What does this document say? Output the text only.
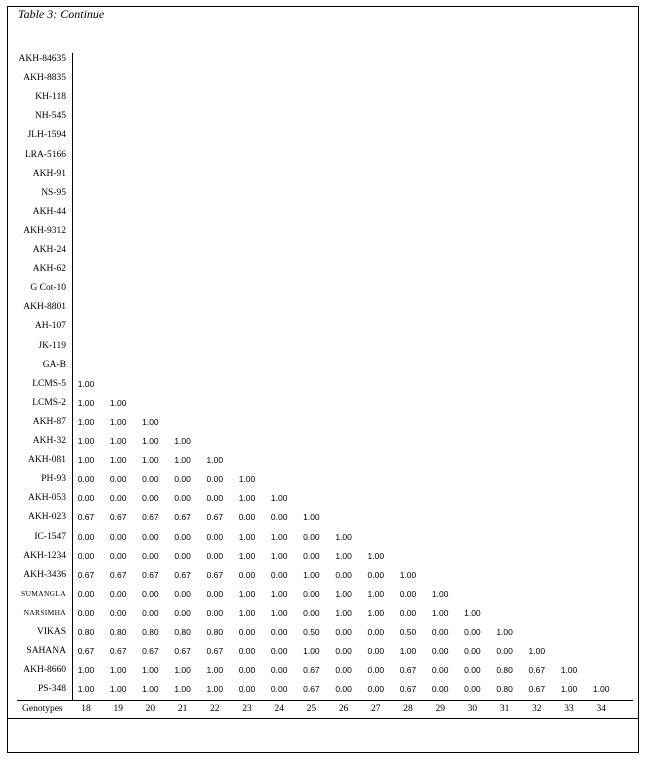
Table 3: Continue
Genotypes
AKH-84635
AKH-8835
KH-118
NH-545
JLH-1594
LRA-5166
AKH-91
NS-95
AKH-44
AKH-9312
AKH-24
AKH-62
G Cot-10
AKH-8801
AH-107
JK-119
GA-B
LCMS-5	1.00
LCMS-2	1.00	1.00
AKH-87	1.00	1.00	1.00
AKH-32	1.00	1.00	1.00	1.00
AKH-081	1.00	1.00	1.00	1.00	1.00
PH-93	0.00	0.00	0.00	0.00	0.00	1.00
AKH-053	0.00	0.00	0.00	0.00	0.00	1.00	1.00
AKH-023	0.67	0.67	0.67	0.67	0.67	0.00	0.00	1.00
IC-1547	0.00	0.00	0.00	0.00	0.00	1.00	1.00	0.00	1.00
AKH-1234	0.00	0.00	0.00	0.00	0.00	1.00	1.00	0.00	1.00	1.00
AKH-3436	0.67	0.67	0.67	0.67	0.67	0.00	0.00	1.00	0.00	0.00	1.00
SUMANGLA	0.00	0.00	0.00	0.00	0.00	1.00	1.00	0.00	1.00	1.00	0.00	1.00
NARSIMHA	0.00	0.00	0.00	0.00	0.00	1.00	1.00	0.00	1.00	1.00	0.00	1.00	1.00
VIKAS	0.80	0.80	0.80	0.80	0.80	0.00	0.00	0.50	0.00	0.00	0.50	0.00	0.00	1.00
SAHANA	0.67	0.67	0.67	0.67	0.67	0.00	0.00	1.00	0.00	0.00	1.00	0.00	0.00	0.00	1.00
AKH-8660	1.00	1.00	1.00	1.00	1.00	0.00	0.00	0.67	0.00	0.00	0.67	0.00	0.00	0.80	0.67	1.00
PS-348	1.00	1.00	1.00	1.00	1.00	0.00	0.00	0.67	0.00	0.00	0.67	0.00	0.00	0.80	0.67	1.00	1.00
18	19	20	21	22	23	24	25	26	27	28	29	30	31	32	33	34
